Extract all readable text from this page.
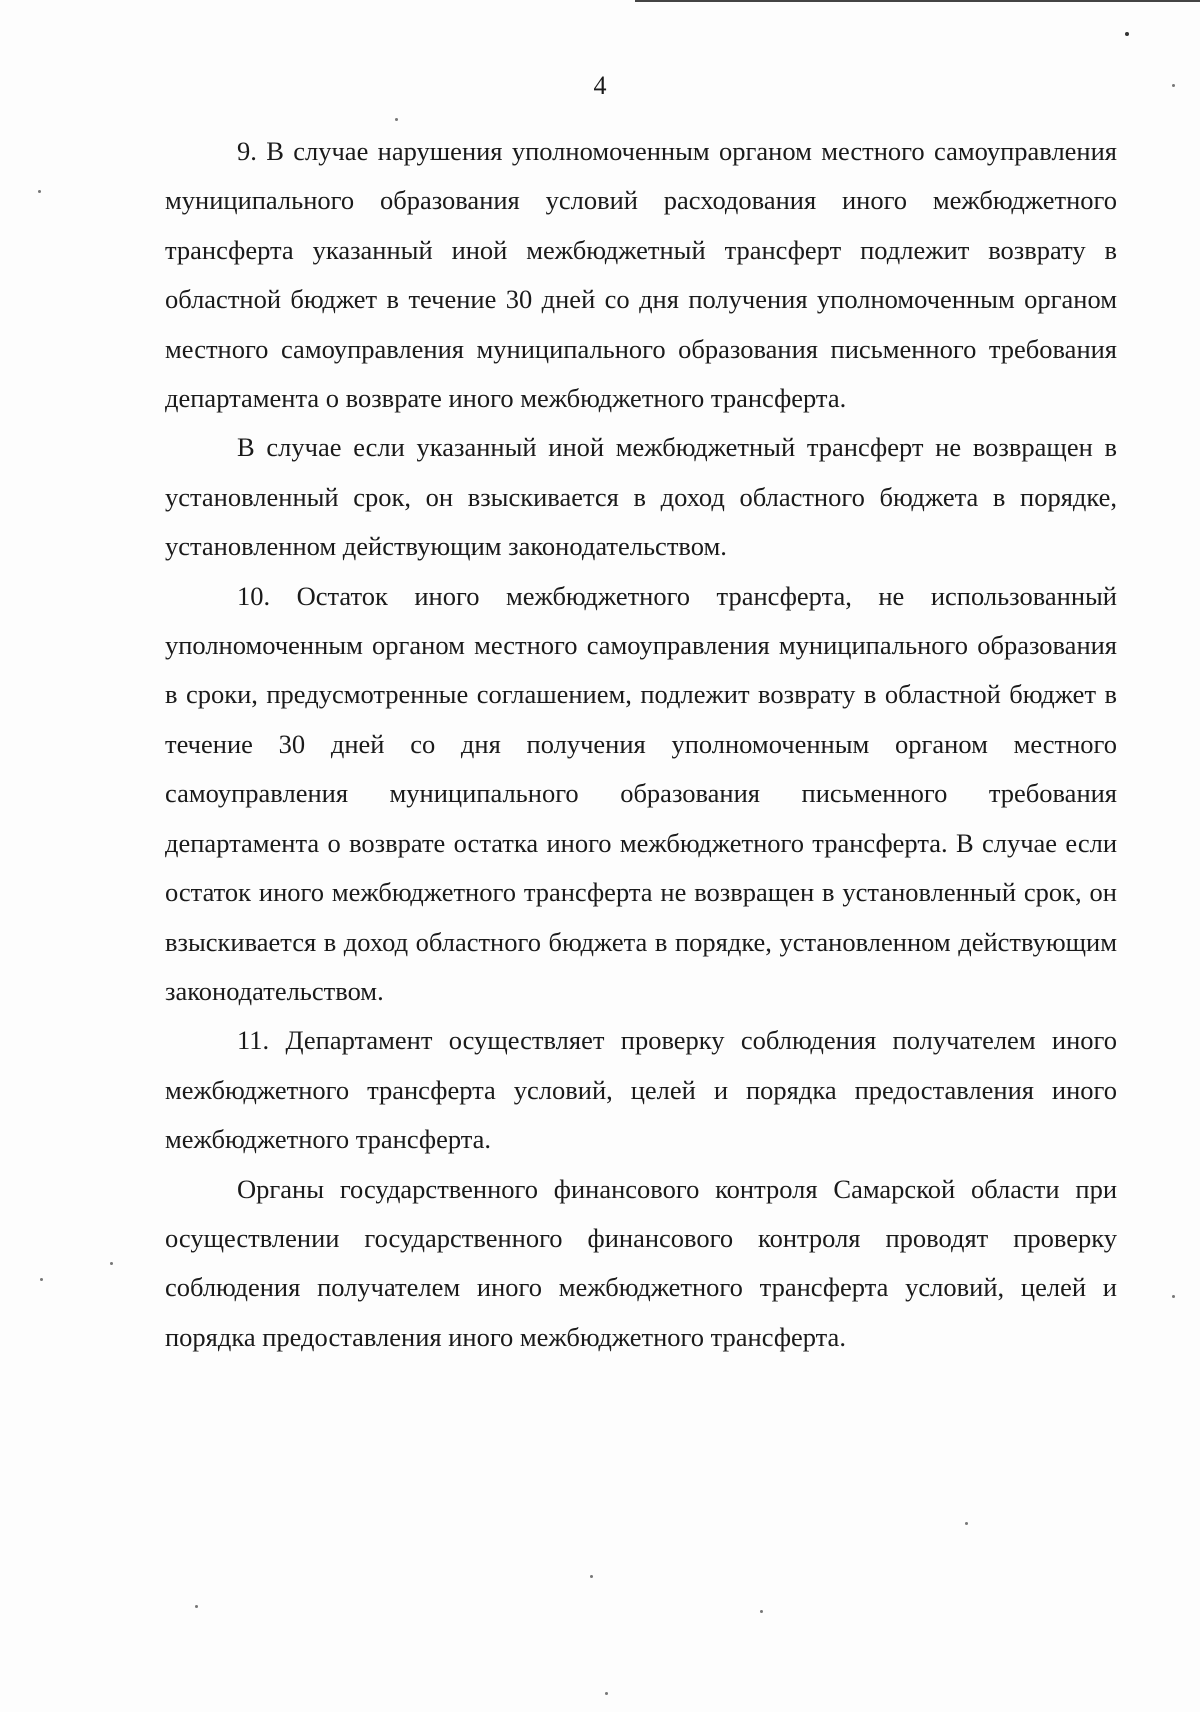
4

9. В случае нарушения уполномоченным органом местного самоуправления муниципального образования условий расходования иного межбюджетного трансферта указанный иной межбюджетный трансферт подлежит возврату в областной бюджет в течение 30 дней со дня получения уполномоченным органом местного самоуправления муниципального образования письменного требования департамента о возврате иного межбюджетного трансферта.

В случае если указанный иной межбюджетный трансферт не возвращен в установленный срок, он взыскивается в доход областного бюджета в порядке, установленном действующим законодательством.

10. Остаток иного межбюджетного трансферта, не использованный уполномоченным органом местного самоуправления муниципального образования в сроки, предусмотренные соглашением, подлежит возврату в областной бюджет в течение 30 дней со дня получения уполномоченным органом местного самоуправления муниципального образования письменного требования департамента о возврате остатка иного межбюджетного трансферта. В случае если остаток иного межбюджетного трансферта не возвращен в установленный срок, он взыскивается в доход областного бюджета в порядке, установленном действующим законодательством.

11. Департамент осуществляет проверку соблюдения получателем иного межбюджетного трансферта условий, целей и порядка предоставления иного межбюджетного трансферта.

Органы государственного финансового контроля Самарской области при осуществлении государственного финансового контроля проводят проверку соблюдения получателем иного межбюджетного трансферта условий, целей и порядка предоставления иного межбюджетного трансферта.
